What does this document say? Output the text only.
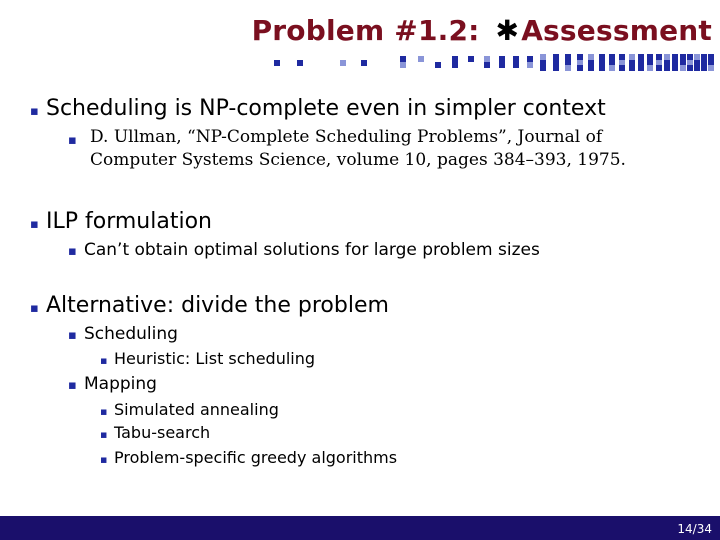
Problem #1.2: ✱Assessment
▪ Scheduling is NP-complete even in simpler context
▪ D. Ullman, “NP-Complete Scheduling Problems”, Journal of
Computer Systems Science, volume 10, pages 384–393, 1975.
▪ ILP formulation
▪ Can’t obtain optimal solutions for large problem sizes
▪ Alternative: divide the problem
▪ Scheduling
▪ Heuristic: List scheduling
▪ Mapping
▪ Simulated annealing
▪ Tabu-search
▪ Problem-specific greedy algorithms
14/34
